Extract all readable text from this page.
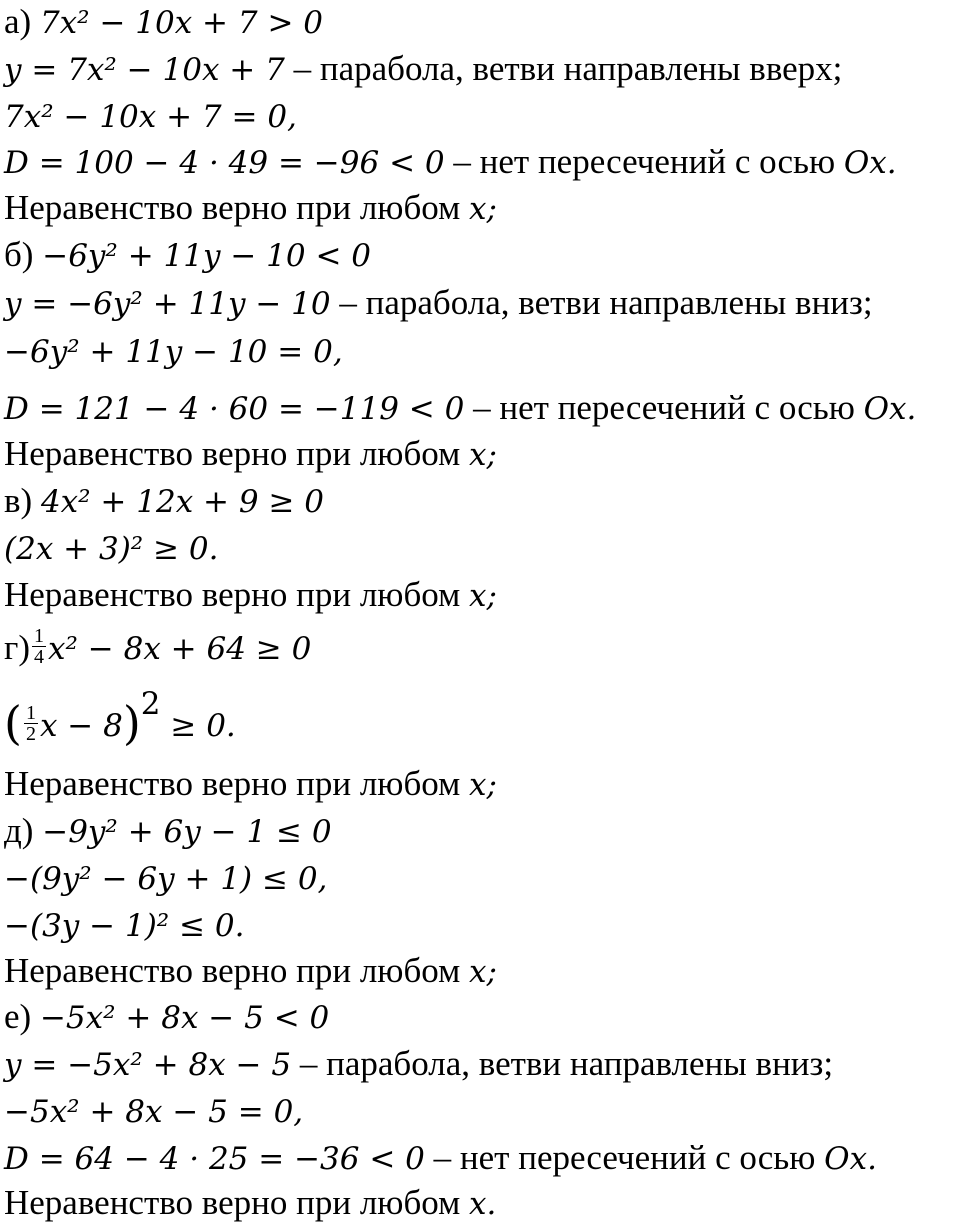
а) 7x² − 10x + 7 > 0
y = 7x² − 10x + 7 – парабола, ветви направлены вверх;
7x² − 10x + 7 = 0,
D = 100 − 4 · 49 = −96 < 0 – нет пересечений с осью Ox.
Неравенство верно при любом x;
б) −6y² + 11y − 10 < 0
y = −6y² + 11y − 10 – парабола, ветви направлены вниз;
−6y² + 11y − 10 = 0,
D = 121 − 4 · 60 = −119 < 0 – нет пересечений с осью Ox.
Неравенство верно при любом x;
в) 4x² + 12x + 9 ≥ 0
(2x + 3)² ≥ 0.
Неравенство верно при любом x;
$г) \frac{1}{4} x^2 - 8x + 64 \ge 0$
( $\frac{1}{2}$ x − 8)$^2$ ≥ 0.
Неравенство верно при любом x;
д) −9y² + 6y − 1 ≤ 0
−(9y² − 6y + 1) ≤ 0,
−(3y − 1)² ≤ 0.
Неравенство верно при любом x;
е) −5x² + 8x − 5 < 0
y = −5x² + 8x − 5 – парабола, ветви направлены вниз;
−5x² + 8x − 5 = 0,
D = 64 − 4 · 25 = −36 < 0 – нет пересечений с осью Ox.
Неравенство верно при любом x.
